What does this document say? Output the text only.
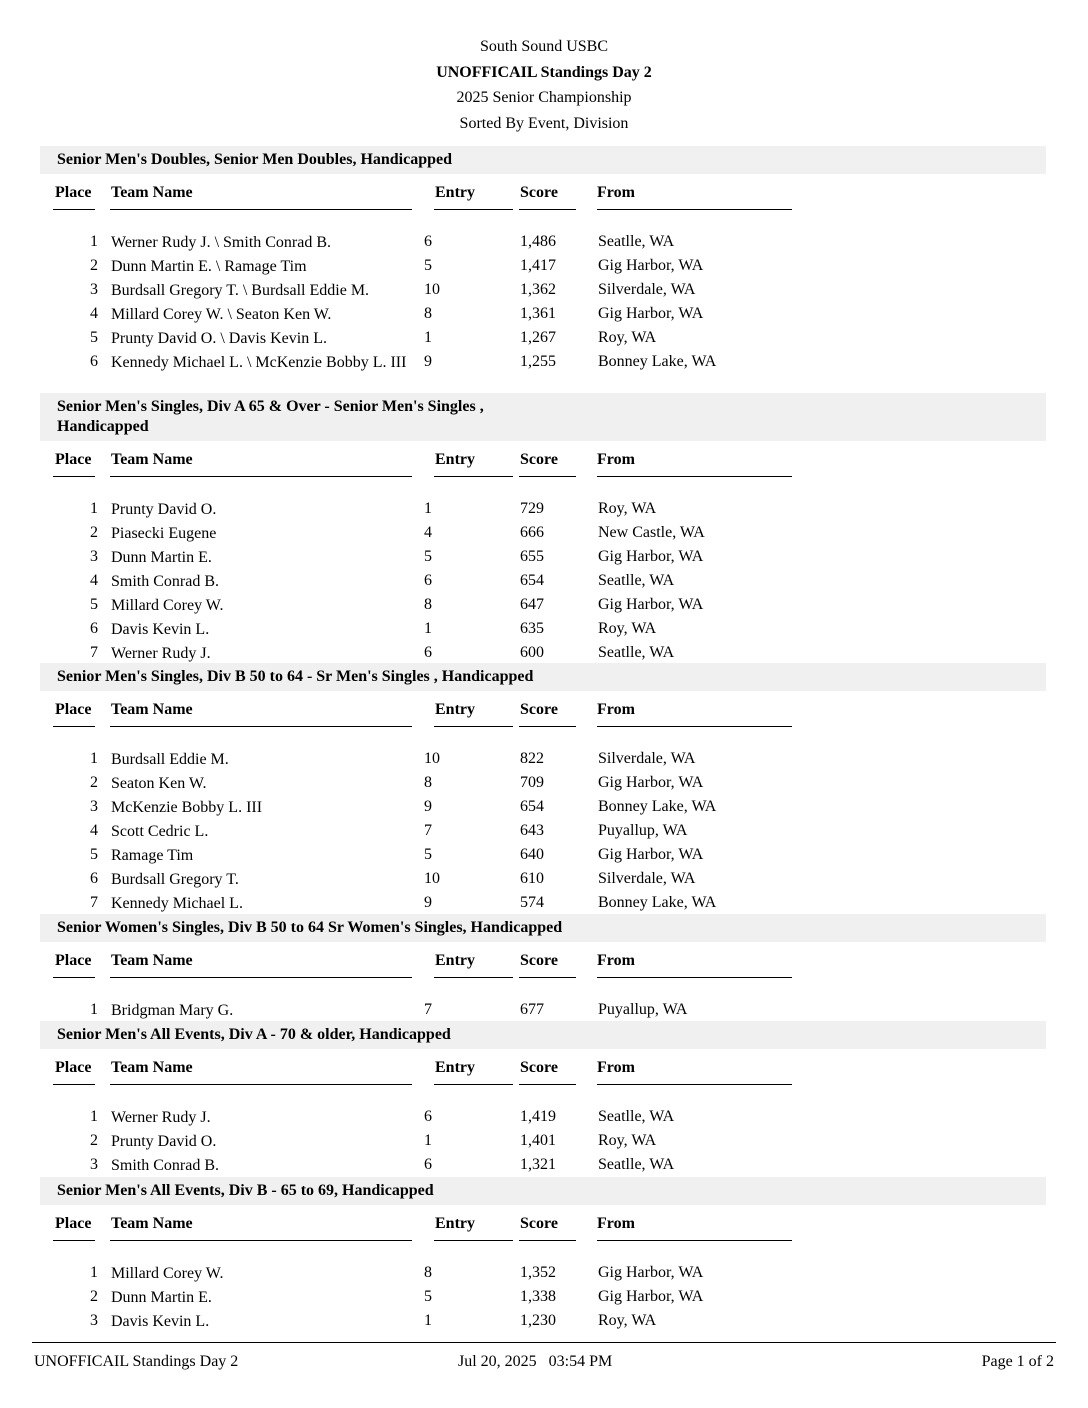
South Sound USBC
UNOFFICAIL Standings Day 2
2025 Senior Championship
Sorted By Event, Division
Senior Men's Doubles, Senior Men Doubles, Handicapped
Place Team Name	Entry	Score From
1 Werner Rudy J. \ Smith Conrad B.	6	1,486	Seatlle, WA
2 Dunn Martin E. \ Ramage Tim	5	1,417	Gig Harbor, WA
3 Burdsall Gregory T. \ Burdsall Eddie M.	10	1,362	Silverdale, WA
4 Millard Corey W. \ Seaton Ken W.	8	1,361	Gig Harbor, WA
5 Prunty David O. \ Davis Kevin L.	1	1,267	Roy, WA
6 Kennedy Michael L. \ McKenzie Bobby L. III 9	1,255	Bonney Lake, WA
Senior Men's Singles, Div A 65 & Over - Senior Men's Singles , Handicapped
Place Team Name	Entry	Score From
1 Prunty David O.	1	729	Roy, WA
2 Piasecki Eugene	4	666	New Castle, WA
3 Dunn Martin E.	5	655	Gig Harbor, WA
4 Smith Conrad B.	6	654	Seatlle, WA
5 Millard Corey W.	8	647	Gig Harbor, WA
6 Davis Kevin L.	1	635	Roy, WA
7 Werner Rudy J.	6	600	Seatlle, WA
Senior Men's Singles, Div B 50 to 64 - Sr Men's Singles , Handicapped
Place Team Name	Entry	Score From
1 Burdsall Eddie M.	10	822	Silverdale, WA
2 Seaton Ken W.	8	709	Gig Harbor, WA
3 McKenzie Bobby L. III	9	654	Bonney Lake, WA
4 Scott Cedric L.	7	643	Puyallup, WA
5 Ramage Tim	5	640	Gig Harbor, WA
6 Burdsall Gregory T.	10	610	Silverdale, WA
7 Kennedy Michael L.	9	574	Bonney Lake, WA
Senior Women's Singles, Div B 50 to 64 Sr Women's Singles, Handicapped
Place Team Name	Entry	Score From
1 Bridgman Mary G.	7	677	Puyallup, WA
Senior Men's All Events, Div A - 70 & older, Handicapped
Place Team Name	Entry	Score From
1 Werner Rudy J.	6	1,419	Seatlle, WA
2 Prunty David O.	1	1,401	Roy, WA
3 Smith Conrad B.	6	1,321	Seatlle, WA
Senior Men's All Events, Div B - 65 to 69, Handicapped
Place Team Name	Entry	Score From
1 Millard Corey W.	8	1,352	Gig Harbor, WA
2 Dunn Martin E.	5	1,338	Gig Harbor, WA
3 Davis Kevin L.	1	1,230	Roy, WA
UNOFFICAIL Standings Day 2	Jul 20, 2025   03:54 PM	Page 1 of 2
